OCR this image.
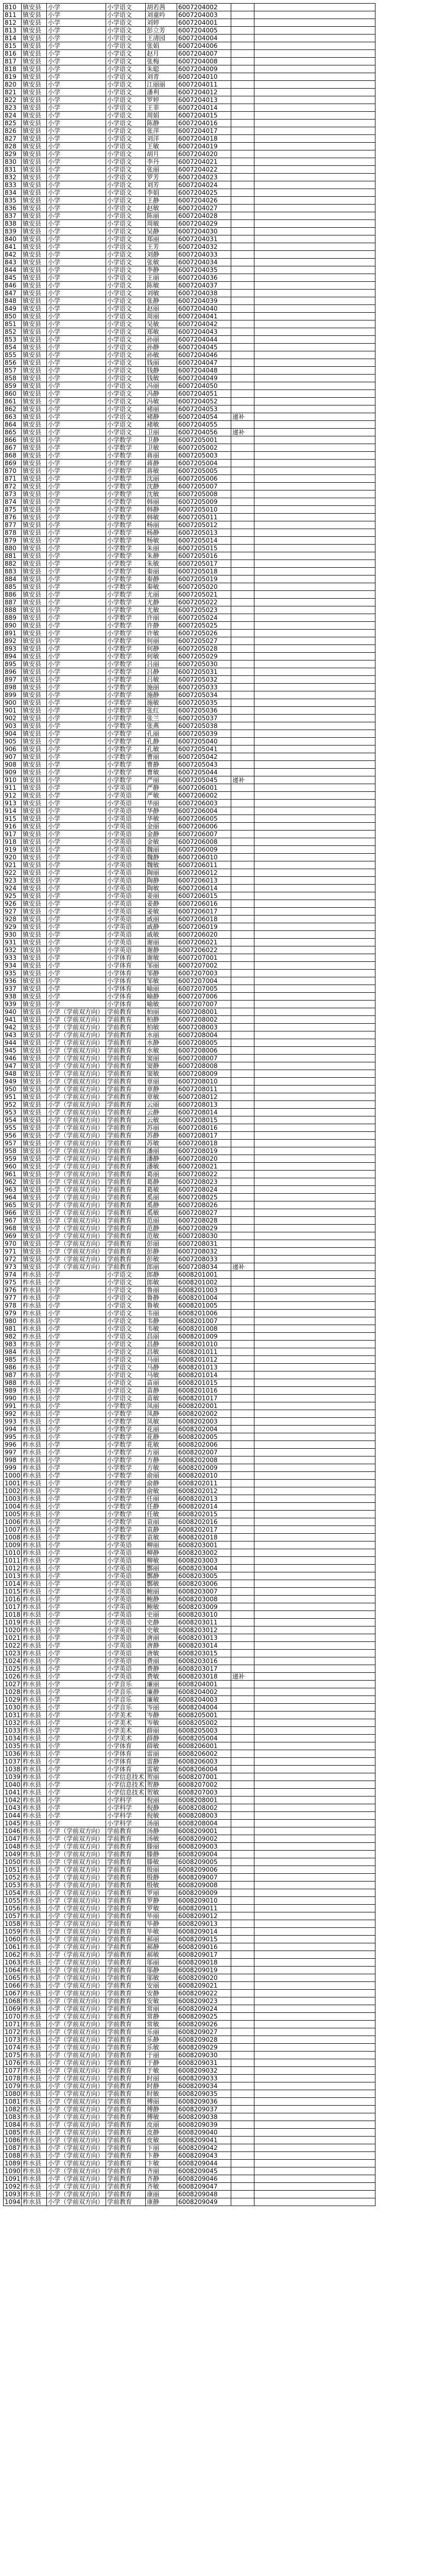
810	镇安县	小学	小学语文	胡若茜	6007204002		
811	镇安县	小学	小学语文	刘童吟	6007204003		
812	镇安县	小学	小学语文	刘婷	6007204001		
813	镇安县	小学	小学语文	彭立芳	6007204005		
814	镇安县	小学	小学语文	王清园	6007204004		
815	镇安县	小学	小学语文	张娟	6007204006		
816	镇安县	小学	小学语文	赵月	6007204007		
817	镇安县	小学	小学语文	张梅	6007204008		
818	镇安县	小学	小学语文	朱聪	6007204009		
819	镇安县	小学	小学语文	刘青	6007204010		
820	镇安县	小学	小学语文	江丽丽	6007204011		
821	镇安县	小学	小学语文	潘利	6007204012		
822	镇安县	小学	小学语文	罗婷	6007204013		
823	镇安县	小学	小学语文	王菲	6007204014		
824	镇安县	小学	小学语文	周娟	6007204015		
825	镇安县	小学	小学语文	陈静	6007204016		
826	镇安县	小学	小学语文	张萍	6007204017		
827	镇安县	小学	小学语文	刘洋	6007204018		
828	镇安县	小学	小学语文	王敏	6007204019		
829	镇安县	小学	小学语文	胡月	6007204020		
830	镇安县	小学	小学语文	李丹	6007204021		
831	镇安县	小学	小学语文	张丽	6007204022		
832	镇安县	小学	小学语文	罗芳	6007204023		
833	镇安县	小学	小学语文	刘芳	6007204024		
834	镇安县	小学	小学语文	李娟	6007204025		
835	镇安县	小学	小学语文	王静	6007204026		
836	镇安县	小学	小学语文	赵敏	6007204027		
837	镇安县	小学	小学语文	陈丽	6007204028		
838	镇安县	小学	小学语文	周敏	6007204029		
839	镇安县	小学	小学语文	吴静	6007204030		
840	镇安县	小学	小学语文	郑丽	6007204031		
841	镇安县	小学	小学语文	王芳	6007204032		
842	镇安县	小学	小学语文	刘静	6007204033		
843	镇安县	小学	小学语文	张敏	6007204034		
844	镇安县	小学	小学语文	李静	6007204035		
845	镇安县	小学	小学语文	王丽	6007204036		
846	镇安县	小学	小学语文	陈敏	6007204037		
847	镇安县	小学	小学语文	刘敏	6007204038		
848	镇安县	小学	小学语文	张静	6007204039		
849	镇安县	小学	小学语文	赵丽	6007204040		
850	镇安县	小学	小学语文	周丽	6007204041		
851	镇安县	小学	小学语文	吴敏	6007204042		
852	镇安县	小学	小学语文	郑敏	6007204043		
853	镇安县	小学	小学语文	孙丽	6007204044		
854	镇安县	小学	小学语文	孙静	6007204045		
855	镇安县	小学	小学语文	孙敏	6007204046		
856	镇安县	小学	小学语文	钱丽	6007204047		
857	镇安县	小学	小学语文	钱静	6007204048		
858	镇安县	小学	小学语文	钱敏	6007204049		
859	镇安县	小学	小学语文	冯丽	6007204050		
860	镇安县	小学	小学语文	冯静	6007204051		
861	镇安县	小学	小学语文	冯敏	6007204052		
862	镇安县	小学	小学语文	褚丽	6007204053		
863	镇安县	小学	小学语文	褚静	6007204054	递补	
864	镇安县	小学	小学语文	褚敏	6007204055		
865	镇安县	小学	小学语文	卫丽	6007204056	递补	
866	镇安县	小学	小学数学	卫静	6007205001		
867	镇安县	小学	小学数学	卫敏	6007205002		
868	镇安县	小学	小学数学	蒋丽	6007205003		
869	镇安县	小学	小学数学	蒋静	6007205004		
870	镇安县	小学	小学数学	蒋敏	6007205005		
871	镇安县	小学	小学数学	沈丽	6007205006		
872	镇安县	小学	小学数学	沈静	6007205007		
873	镇安县	小学	小学数学	沈敏	6007205008		
874	镇安县	小学	小学数学	韩丽	6007205009		
875	镇安县	小学	小学数学	韩静	6007205010		
876	镇安县	小学	小学数学	韩敏	6007205011		
877	镇安县	小学	小学数学	杨丽	6007205012		
878	镇安县	小学	小学数学	杨静	6007205013		
879	镇安县	小学	小学数学	杨敏	6007205014		
880	镇安县	小学	小学数学	朱丽	6007205015		
881	镇安县	小学	小学数学	朱静	6007205016		
882	镇安县	小学	小学数学	朱敏	6007205017		
883	镇安县	小学	小学数学	秦丽	6007205018		
884	镇安县	小学	小学数学	秦静	6007205019		
885	镇安县	小学	小学数学	秦敏	6007205020		
886	镇安县	小学	小学数学	尤丽	6007205021		
887	镇安县	小学	小学数学	尤静	6007205022		
888	镇安县	小学	小学数学	尤敏	6007205023		
889	镇安县	小学	小学数学	许丽	6007205024		
890	镇安县	小学	小学数学	许静	6007205025		
891	镇安县	小学	小学数学	许敏	6007205026		
892	镇安县	小学	小学数学	何丽	6007205027		
893	镇安县	小学	小学数学	何静	6007205028		
894	镇安县	小学	小学数学	何敏	6007205029		
895	镇安县	小学	小学数学	吕丽	6007205030		
896	镇安县	小学	小学数学	吕静	6007205031		
897	镇安县	小学	小学数学	吕敏	6007205032		
898	镇安县	小学	小学数学	施丽	6007205033		
899	镇安县	小学	小学数学	施静	6007205034		
900	镇安县	小学	小学数学	施敏	6007205035		
901	镇安县	小学	小学数学	张红	6007205036		
902	镇安县	小学	小学数学	张兰	6007205037		
903	镇安县	小学	小学数学	张燕	6007205038		
904	镇安县	小学	小学数学	孔丽	6007205039		
905	镇安县	小学	小学数学	孔静	6007205040		
906	镇安县	小学	小学数学	孔敏	6007205041		
907	镇安县	小学	小学数学	曹丽	6007205042		
908	镇安县	小学	小学数学	曹静	6007205043		
909	镇安县	小学	小学数学	曹敏	6007205044		
910	镇安县	小学	小学数学	严丽	6007205045	递补	
911	镇安县	小学	小学英语	严静	6007206001		
912	镇安县	小学	小学英语	严敏	6007206002		
913	镇安县	小学	小学英语	华丽	6007206003		
914	镇安县	小学	小学英语	华静	6007206004		
915	镇安县	小学	小学英语	华敏	6007206005		
916	镇安县	小学	小学英语	金丽	6007206006		
917	镇安县	小学	小学英语	金静	6007206007		
918	镇安县	小学	小学英语	金敏	6007206008		
919	镇安县	小学	小学英语	魏丽	6007206009		
920	镇安县	小学	小学英语	魏静	6007206010		
921	镇安县	小学	小学英语	魏敏	6007206011		
922	镇安县	小学	小学英语	陶丽	6007206012		
923	镇安县	小学	小学英语	陶静	6007206013		
924	镇安县	小学	小学英语	陶敏	6007206014		
925	镇安县	小学	小学英语	姜丽	6007206015		
926	镇安县	小学	小学英语	姜静	6007206016		
927	镇安县	小学	小学英语	姜敏	6007206017		
928	镇安县	小学	小学英语	戚丽	6007206018		
929	镇安县	小学	小学英语	戚静	6007206019		
930	镇安县	小学	小学英语	戚敏	6007206020		
931	镇安县	小学	小学英语	谢丽	6007206021		
932	镇安县	小学	小学英语	谢静	6007206022		
933	镇安县	小学	小学体育	谢敏	6007207001		
934	镇安县	小学	小学体育	邹丽	6007207002		
935	镇安县	小学	小学体育	邹静	6007207003		
936	镇安县	小学	小学体育	邹敏	6007207004		
937	镇安县	小学	小学体育	喻丽	6007207005		
938	镇安县	小学	小学体育	喻静	6007207006		
939	镇安县	小学	小学体育	喻敏	6007207007		
940	镇安县	小学（学前双方向）	学前教育	柏丽	6007208001		
941	镇安县	小学（学前双方向）	学前教育	柏静	6007208002		
942	镇安县	小学（学前双方向）	学前教育	柏敏	6007208003		
943	镇安县	小学（学前双方向）	学前教育	水丽	6007208004		
944	镇安县	小学（学前双方向）	学前教育	水静	6007208005		
945	镇安县	小学（学前双方向）	学前教育	水敏	6007208006		
946	镇安县	小学（学前双方向）	学前教育	窦丽	6007208007		
947	镇安县	小学（学前双方向）	学前教育	窦静	6007208008		
948	镇安县	小学（学前双方向）	学前教育	窦敏	6007208009		
949	镇安县	小学（学前双方向）	学前教育	章丽	6007208010		
950	镇安县	小学（学前双方向）	学前教育	章静	6007208011		
951	镇安县	小学（学前双方向）	学前教育	章敏	6007208012		
952	镇安县	小学（学前双方向）	学前教育	云丽	6007208013		
953	镇安县	小学（学前双方向）	学前教育	云静	6007208014		
954	镇安县	小学（学前双方向）	学前教育	云敏	6007208015		
955	镇安县	小学（学前双方向）	学前教育	苏丽	6007208016		
956	镇安县	小学（学前双方向）	学前教育	苏静	6007208017		
957	镇安县	小学（学前双方向）	学前教育	苏敏	6007208018		
958	镇安县	小学（学前双方向）	学前教育	潘丽	6007208019		
959	镇安县	小学（学前双方向）	学前教育	潘静	6007208020		
960	镇安县	小学（学前双方向）	学前教育	潘敏	6007208021		
961	镇安县	小学（学前双方向）	学前教育	葛丽	6007208022		
962	镇安县	小学（学前双方向）	学前教育	葛静	6007208023		
963	镇安县	小学（学前双方向）	学前教育	葛敏	6007208024		
964	镇安县	小学（学前双方向）	学前教育	奚丽	6007208025		
965	镇安县	小学（学前双方向）	学前教育	奚静	6007208026		
966	镇安县	小学（学前双方向）	学前教育	奚敏	6007208027		
967	镇安县	小学（学前双方向）	学前教育	范丽	6007208028		
968	镇安县	小学（学前双方向）	学前教育	范静	6007208029		
969	镇安县	小学（学前双方向）	学前教育	范敏	6007208030		
970	镇安县	小学（学前双方向）	学前教育	彭丽	6007208031		
971	镇安县	小学（学前双方向）	学前教育	彭静	6007208032		
972	镇安县	小学（学前双方向）	学前教育	彭敏	6007208033		
973	镇安县	小学（学前双方向）	学前教育	郎丽	6007208034	递补	
974	柞水县	小学	小学语文	郎静	6008201001		
975	柞水县	小学	小学语文	郎敏	6008201002		
976	柞水县	小学	小学语文	鲁丽	6008201003		
977	柞水县	小学	小学语文	鲁静	6008201004		
978	柞水县	小学	小学语文	鲁敏	6008201005		
979	柞水县	小学	小学语文	韦丽	6008201006		
980	柞水县	小学	小学语文	韦静	6008201007		
981	柞水县	小学	小学语文	韦敏	6008201008		
982	柞水县	小学	小学语文	昌丽	6008201009		
983	柞水县	小学	小学语文	昌静	6008201010		
984	柞水县	小学	小学语文	昌敏	6008201011		
985	柞水县	小学	小学语文	马丽	6008201012		
986	柞水县	小学	小学语文	马静	6008201013		
987	柞水县	小学	小学语文	马敏	6008201014		
988	柞水县	小学	小学语文	苗丽	6008201015		
989	柞水县	小学	小学语文	苗静	6008201016		
990	柞水县	小学	小学语文	苗敏	6008201017		
991	柞水县	小学	小学数学	凤丽	6008202001		
992	柞水县	小学	小学数学	凤静	6008202002		
993	柞水县	小学	小学数学	凤敏	6008202003		
994	柞水县	小学	小学数学	花丽	6008202004		
995	柞水县	小学	小学数学	花静	6008202005		
996	柞水县	小学	小学数学	花敏	6008202006		
997	柞水县	小学	小学数学	方丽	6008202007		
998	柞水县	小学	小学数学	方静	6008202008		
999	柞水县	小学	小学数学	方敏	6008202009		
1000	柞水县	小学	小学数学	俞丽	6008202010		
1001	柞水县	小学	小学数学	俞静	6008202011		
1002	柞水县	小学	小学数学	俞敏	6008202012		
1003	柞水县	小学	小学数学	任丽	6008202013		
1004	柞水县	小学	小学数学	任静	6008202014		
1005	柞水县	小学	小学数学	任敏	6008202015		
1006	柞水县	小学	小学数学	袁丽	6008202016		
1007	柞水县	小学	小学数学	袁静	6008202017		
1008	柞水县	小学	小学数学	袁敏	6008202018		
1009	柞水县	小学	小学英语	柳丽	6008203001		
1010	柞水县	小学	小学英语	柳静	6008203002		
1011	柞水县	小学	小学英语	柳敏	6008203003		
1012	柞水县	小学	小学英语	酆丽	6008203004		
1013	柞水县	小学	小学英语	酆静	6008203005		
1014	柞水县	小学	小学英语	酆敏	6008203006		
1015	柞水县	小学	小学英语	鲍丽	6008203007		
1016	柞水县	小学	小学英语	鲍静	6008203008		
1017	柞水县	小学	小学英语	鲍敏	6008203009		
1018	柞水县	小学	小学英语	史丽	6008203010		
1019	柞水县	小学	小学英语	史静	6008203011		
1020	柞水县	小学	小学英语	史敏	6008203012		
1021	柞水县	小学	小学英语	唐丽	6008203013		
1022	柞水县	小学	小学英语	唐静	6008203014		
1023	柞水县	小学	小学英语	唐敏	6008203015		
1024	柞水县	小学	小学英语	费丽	6008203016		
1025	柞水县	小学	小学英语	费静	6008203017		
1026	柞水县	小学	小学英语	费敏	6008203018	递补	
1027	柞水县	小学	小学音乐	廉丽	6008204001		
1028	柞水县	小学	小学音乐	廉静	6008204002		
1029	柞水县	小学	小学音乐	廉敏	6008204003		
1030	柞水县	小学	小学音乐	岑丽	6008204004		
1031	柞水县	小学	小学美术	岑静	6008205001		
1032	柞水县	小学	小学美术	岑敏	6008205002		
1033	柞水县	小学	小学美术	薛丽	6008205003		
1034	柞水县	小学	小学美术	薛静	6008205004		
1035	柞水县	小学	小学体育	薛敏	6008206001		
1036	柞水县	小学	小学体育	雷丽	6008206002		
1037	柞水县	小学	小学体育	雷静	6008206003		
1038	柞水县	小学	小学体育	雷敏	6008206004		
1039	柞水县	小学	小学信息技术	贺丽	6008207001		
1040	柞水县	小学	小学信息技术	贺静	6008207002		
1041	柞水县	小学	小学信息技术	贺敏	6008207003		
1042	柞水县	小学	小学科学	倪丽	6008208001		
1043	柞水县	小学	小学科学	倪静	6008208002		
1044	柞水县	小学	小学科学	倪敏	6008208003		
1045	柞水县	小学	小学科学	汤丽	6008208004		
1046	柞水县	小学（学前双方向）	学前教育	汤静	6008209001		
1047	柞水县	小学（学前双方向）	学前教育	汤敏	6008209002		
1048	柞水县	小学（学前双方向）	学前教育	滕丽	6008209003		
1049	柞水县	小学（学前双方向）	学前教育	滕静	6008209004		
1050	柞水县	小学（学前双方向）	学前教育	滕敏	6008209005		
1051	柞水县	小学（学前双方向）	学前教育	殷丽	6008209006		
1052	柞水县	小学（学前双方向）	学前教育	殷静	6008209007		
1053	柞水县	小学（学前双方向）	学前教育	殷敏	6008209008		
1054	柞水县	小学（学前双方向）	学前教育	罗丽	6008209009		
1055	柞水县	小学（学前双方向）	学前教育	罗静	6008209010		
1056	柞水县	小学（学前双方向）	学前教育	罗敏	6008209011		
1057	柞水县	小学（学前双方向）	学前教育	毕丽	6008209012		
1058	柞水县	小学（学前双方向）	学前教育	毕静	6008209013		
1059	柞水县	小学（学前双方向）	学前教育	毕敏	6008209014		
1060	柞水县	小学（学前双方向）	学前教育	郝丽	6008209015		
1061	柞水县	小学（学前双方向）	学前教育	郝静	6008209016		
1062	柞水县	小学（学前双方向）	学前教育	郝敏	6008209017		
1063	柞水县	小学（学前双方向）	学前教育	邬丽	6008209018		
1064	柞水县	小学（学前双方向）	学前教育	邬静	6008209019		
1065	柞水县	小学（学前双方向）	学前教育	邬敏	6008209020		
1066	柞水县	小学（学前双方向）	学前教育	安丽	6008209021		
1067	柞水县	小学（学前双方向）	学前教育	安静	6008209022		
1068	柞水县	小学（学前双方向）	学前教育	安敏	6008209023		
1069	柞水县	小学（学前双方向）	学前教育	常丽	6008209024		
1070	柞水县	小学（学前双方向）	学前教育	常静	6008209025		
1071	柞水县	小学（学前双方向）	学前教育	常敏	6008209026		
1072	柞水县	小学（学前双方向）	学前教育	乐丽	6008209027		
1073	柞水县	小学（学前双方向）	学前教育	乐静	6008209028		
1074	柞水县	小学（学前双方向）	学前教育	乐敏	6008209029		
1075	柞水县	小学（学前双方向）	学前教育	于丽	6008209030		
1076	柞水县	小学（学前双方向）	学前教育	于静	6008209031		
1077	柞水县	小学（学前双方向）	学前教育	于敏	6008209032		
1078	柞水县	小学（学前双方向）	学前教育	时丽	6008209033		
1079	柞水县	小学（学前双方向）	学前教育	时静	6008209034		
1080	柞水县	小学（学前双方向）	学前教育	时敏	6008209035		
1081	柞水县	小学（学前双方向）	学前教育	傅丽	6008209036		
1082	柞水县	小学（学前双方向）	学前教育	傅静	6008209037		
1083	柞水县	小学（学前双方向）	学前教育	傅敏	6008209038		
1084	柞水县	小学（学前双方向）	学前教育	皮丽	6008209039		
1085	柞水县	小学（学前双方向）	学前教育	皮静	6008209040		
1086	柞水县	小学（学前双方向）	学前教育	皮敏	6008209041		
1087	柞水县	小学（学前双方向）	学前教育	卞丽	6008209042		
1088	柞水县	小学（学前双方向）	学前教育	卞静	6008209043		
1089	柞水县	小学（学前双方向）	学前教育	卞敏	6008209044		
1090	柞水县	小学（学前双方向）	学前教育	齐丽	6008209045		
1091	柞水县	小学（学前双方向）	学前教育	齐静	6008209046		
1092	柞水县	小学（学前双方向）	学前教育	齐敏	6008209047		
1093	柞水县	小学（学前双方向）	学前教育	康丽	6008209048		
1094	柞水县	小学（学前双方向）	学前教育	康静	6008209049		
